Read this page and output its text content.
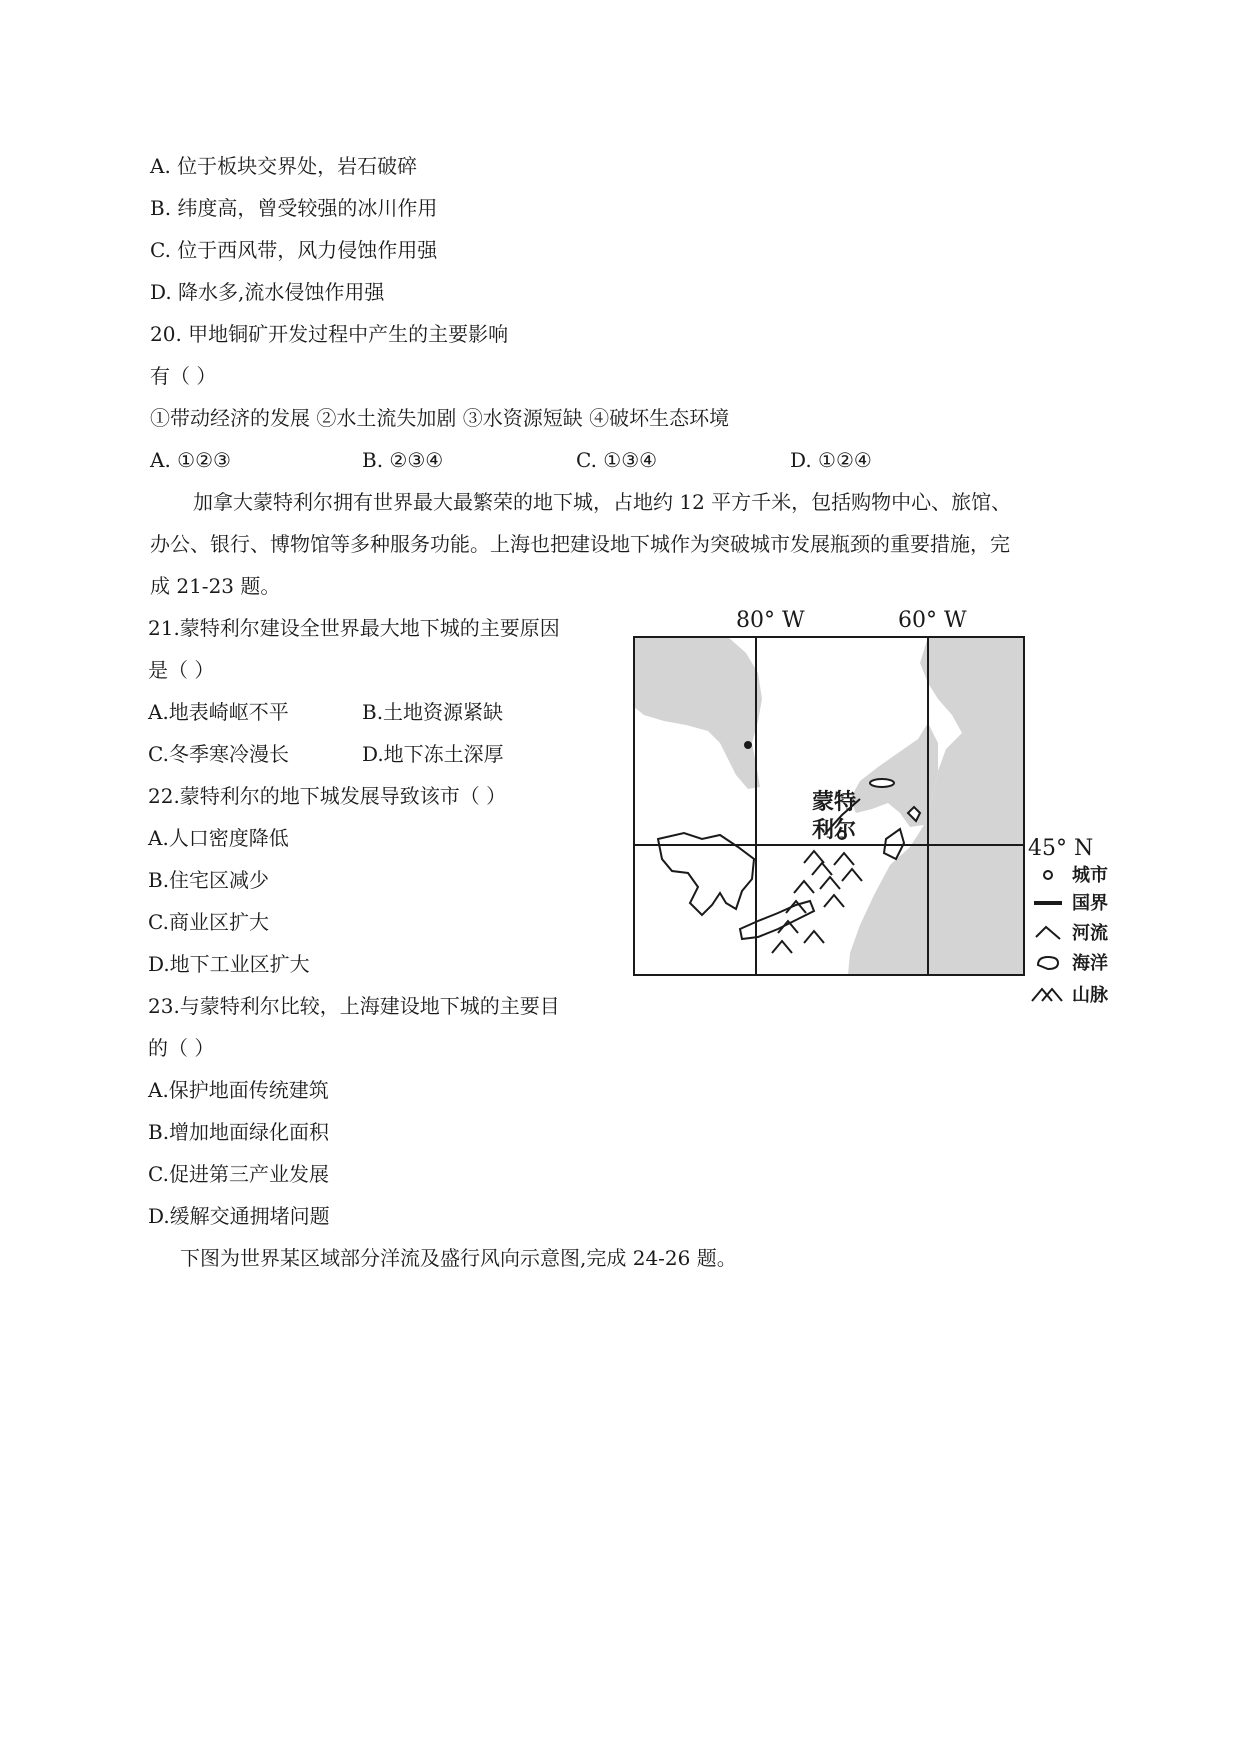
A. 位于板块交界处，岩石破碎
B. 纬度高，曾受较强的冰川作用
C. 位于西风带，风力侵蚀作用强
D. 降水多,流水侵蚀作用强
20. 甲地铜矿开发过程中产生的主要影响
有（ ）
①带动经济的发展 ②水土流失加剧 ③水资源短缺 ④破坏生态环境
A. ①②③	B. ②③④	C. ①③④	D. ①②④
加拿大蒙特利尔拥有世界最大最繁荣的地下城，占地约 12 平方千米，包括购物中心、旅馆、
办公、银行、博物馆等多种服务功能。上海也把建设地下城作为突破城市发展瓶颈的重要措施，完
成 21-23 题。
21.蒙特利尔建设全世界最大地下城的主要原因
是（ ）
A.地表崎岖不平	B.土地资源紧缺
C.冬季寒冷漫长	D.地下冻土深厚
22.蒙特利尔的地下城发展导致该市（ ）
A.人口密度降低
B.住宅区减少
C.商业区扩大
D.地下工业区扩大
23.与蒙特利尔比较，上海建设地下城的主要目
的（ ）
A.保护地面传统建筑
B.增加地面绿化面积
C.促进第三产业发展
D.缓解交通拥堵问题
下图为世界某区域部分洋流及盛行风向示意图,完成 24-26 题。
80° W	60° W
蒙特
利尔
45° N
城市
国界
河流
海洋
山脉
